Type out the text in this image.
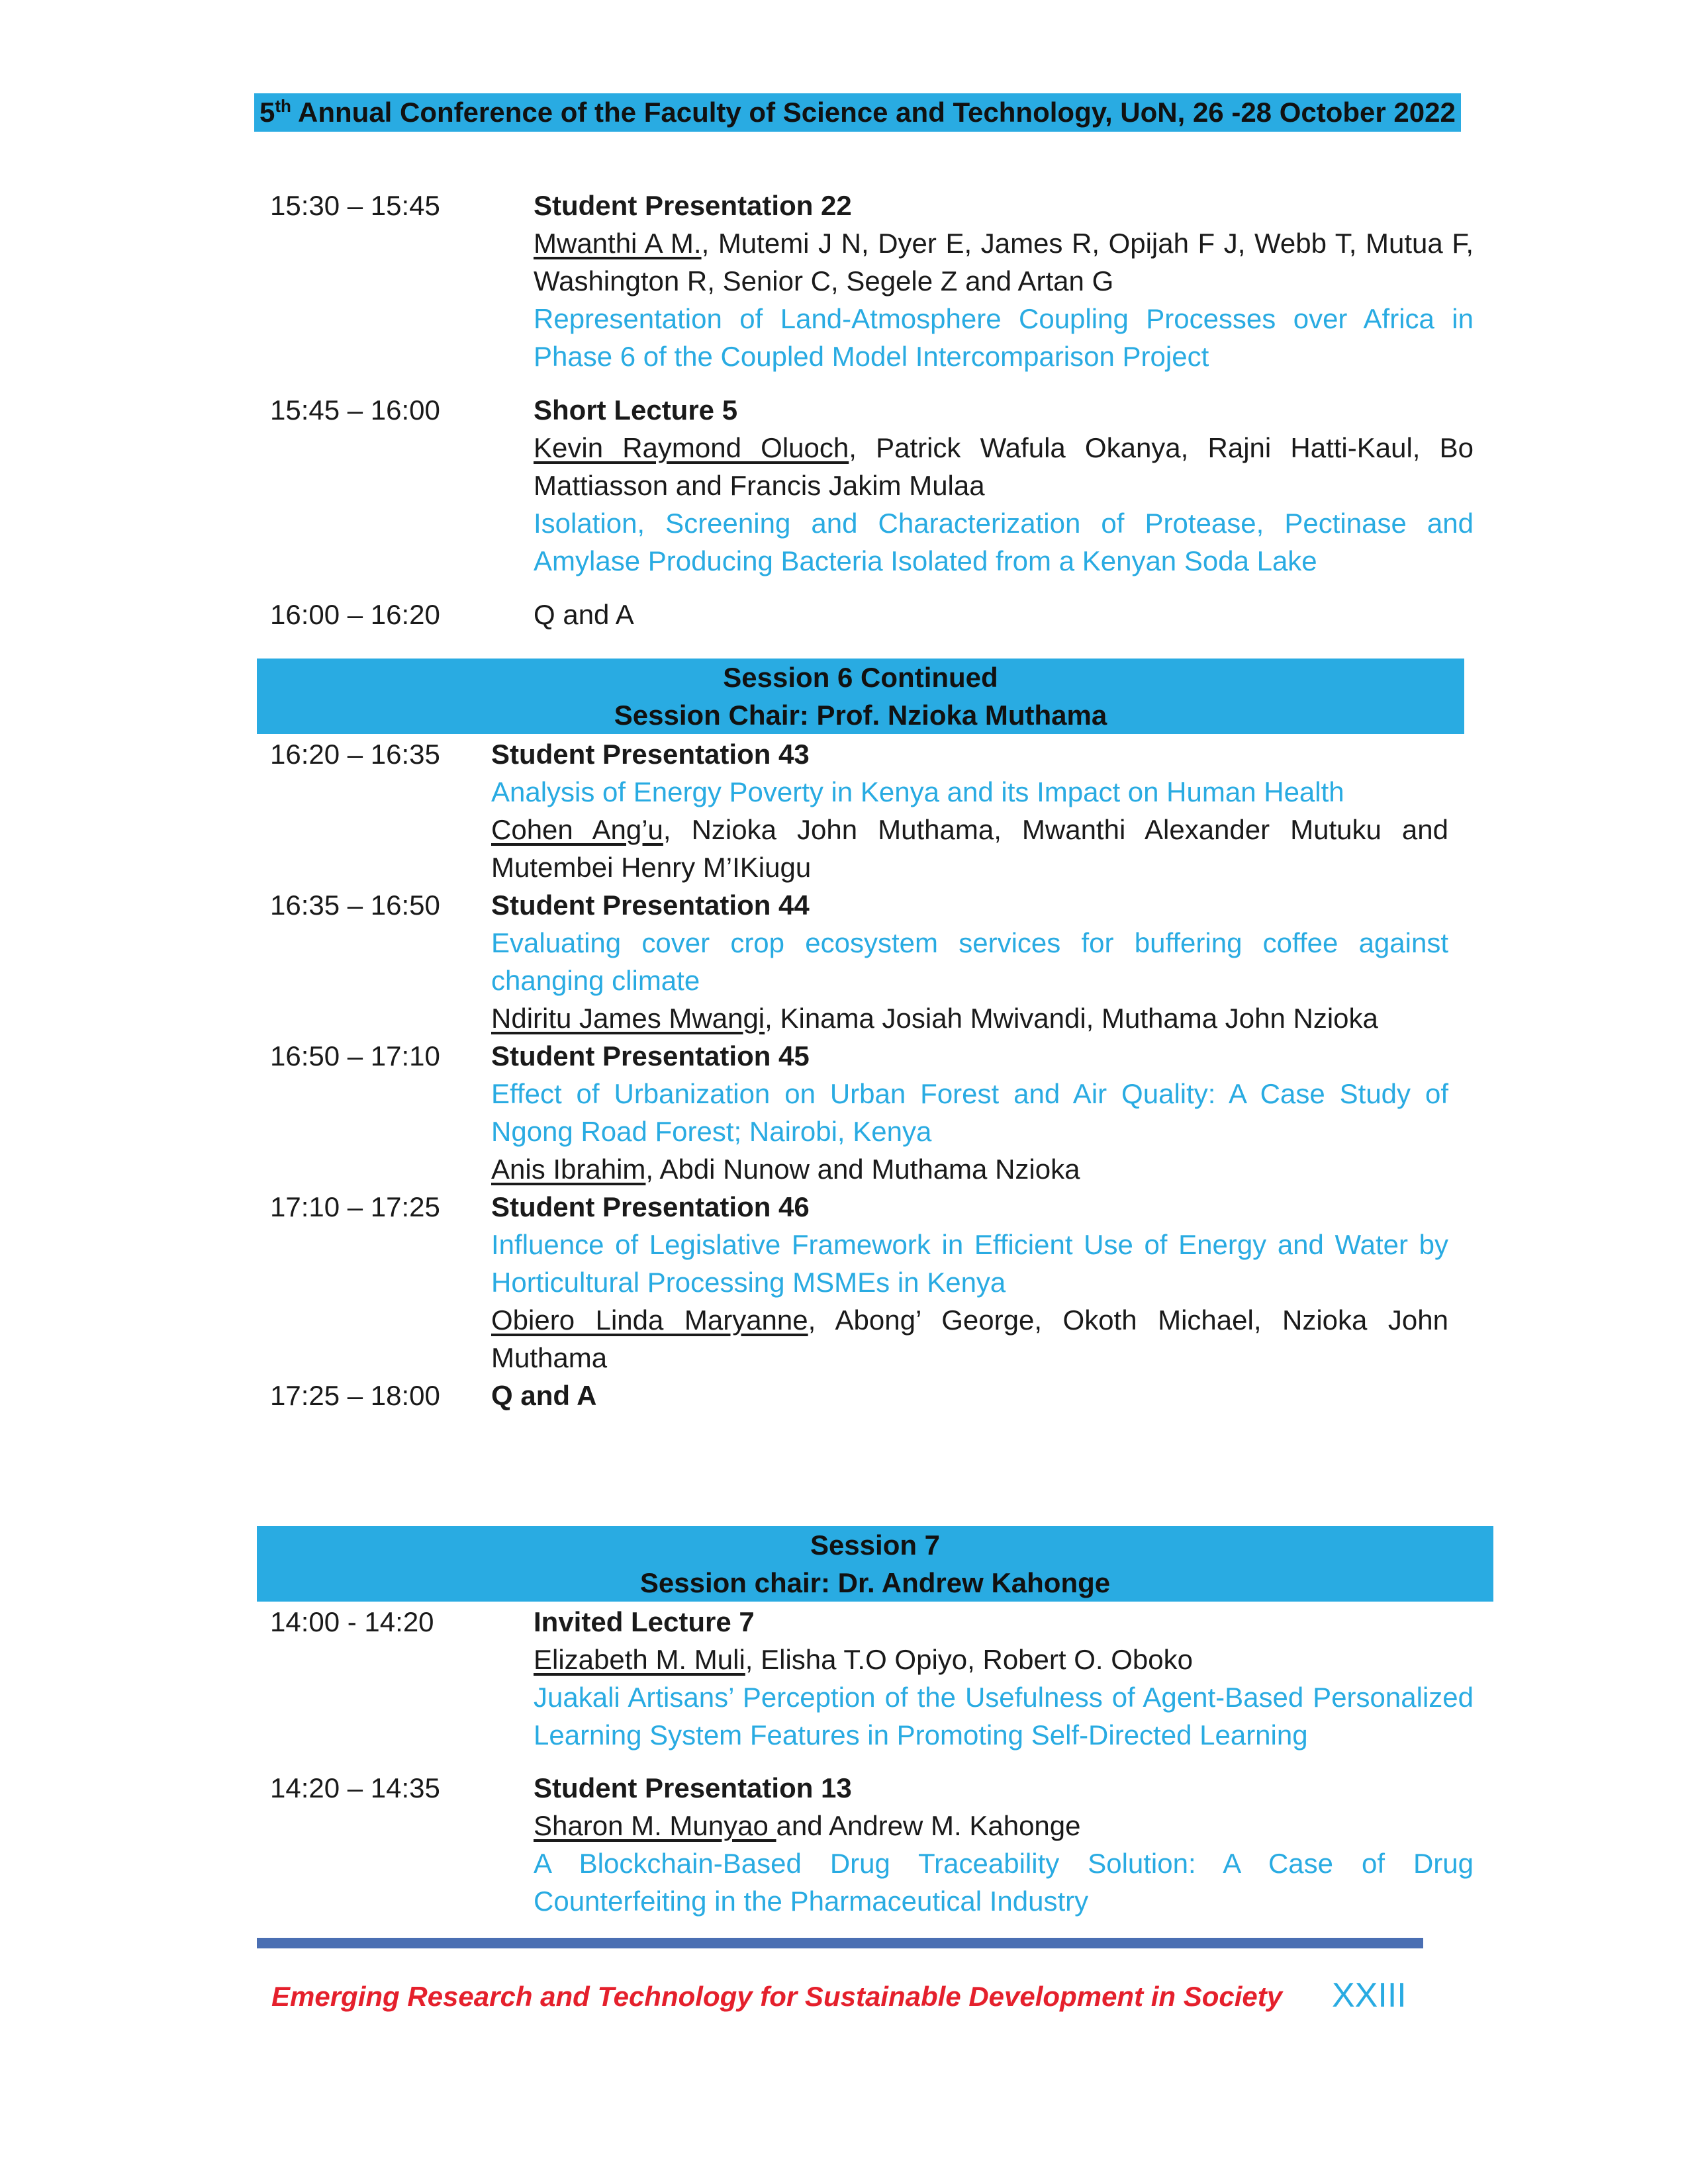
5th Annual Conference of the Faculty of Science and Technology, UoN, 26 -28 October 2022
15:30 – 15:45	Student Presentation 22
Mwanthi A M., Mutemi J N, Dyer E, James R, Opijah F J, Webb T, Mutua F, Washington R, Senior C, Segele Z and Artan G
Representation of Land-Atmosphere Coupling Processes over Africa in Phase 6 of the Coupled Model Intercomparison Project
15:45 – 16:00	Short Lecture 5
Kevin Raymond Oluoch, Patrick Wafula Okanya, Rajni Hatti-Kaul, Bo Mattiasson and Francis Jakim Mulaa
Isolation, Screening and Characterization of Protease, Pectinase and Amylase Producing Bacteria Isolated from a Kenyan Soda Lake
16:00 – 16:20	Q and A
Session 6 Continued
Session Chair: Prof. Nzioka Muthama
16:20 – 16:35 Student Presentation 43
Analysis of Energy Poverty in Kenya and its Impact on Human Health
Cohen Ang’u, Nzioka John Muthama, Mwanthi Alexander Mutuku and Mutembei Henry M’IKiugu
16:35 – 16:50 Student Presentation 44
Evaluating cover crop ecosystem services for buffering coffee against changing climate
Ndiritu James Mwangi, Kinama Josiah Mwivandi, Muthama John Nzioka
16:50 – 17:10 Student Presentation 45
Effect of Urbanization on Urban Forest and Air Quality: A Case Study of Ngong Road Forest; Nairobi, Kenya
Anis Ibrahim, Abdi Nunow and Muthama Nzioka
17:10 – 17:25 Student Presentation 46
Influence of Legislative Framework in Efficient Use of Energy and Water by Horticultural Processing MSMEs in Kenya
Obiero Linda Maryanne, Abong’ George, Okoth Michael, Nzioka John Muthama
17:25 – 18:00 Q and A
Session 7
Session chair: Dr. Andrew Kahonge
14:00 - 14:20	Invited Lecture 7
Elizabeth M. Muli, Elisha T.O Opiyo, Robert O. Oboko
Juakali Artisans’ Perception of the Usefulness of Agent-Based Personalized Learning System Features in Promoting Self-Directed Learning
14:20 – 14:35	Student Presentation 13
Sharon M. Munyao and Andrew M. Kahonge
A Blockchain-Based Drug Traceability Solution: A Case of Drug Counterfeiting in the Pharmaceutical Industry
Emerging Research and Technology for Sustainable Development in Society XXIII
